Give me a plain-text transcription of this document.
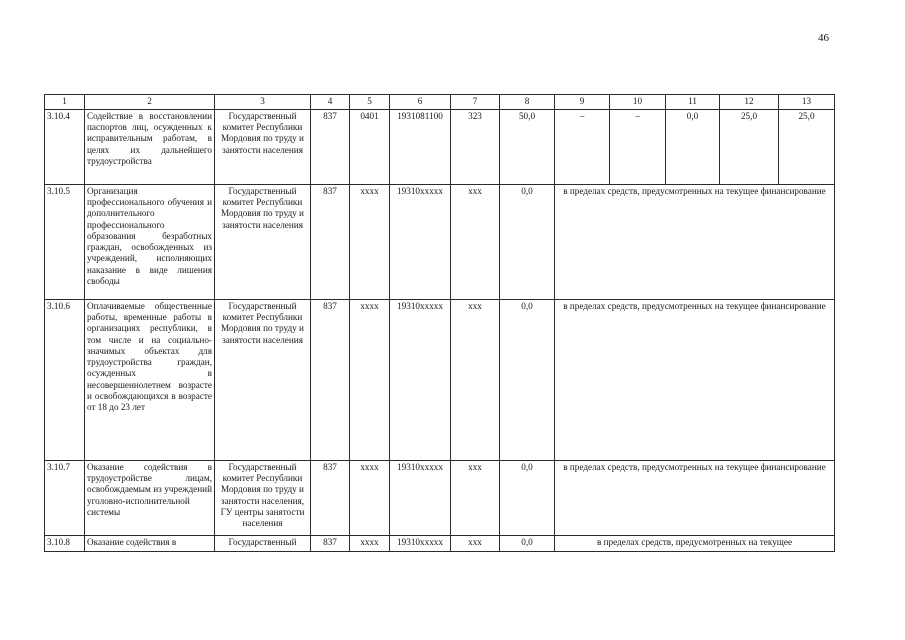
46
1	2	3	4	5	6	7	8	9	10	11	12	13
3.10.4	Содействие в восстановлении паспортов лиц, осужденных к исправительным работам, в целях их дальнейшего трудоустройства	Государственный комитет Республики Мордовия по труду и занятости населения	837	0401	1931081100	323	50,0	–	–	0,0	25,0	25,0
3.10.5	Организация профессионального обучения и дополнительного профессионального образования безработных граждан, освобожденных из учреждений, исполняющих наказание в виде лишения свободы	Государственный комитет Республики Мордовия по труду и занятости населения	837	хххх	19310ххххх	ххх	0,0	в пределах средств, предусмотренных на текущее финансирование				
3.10.6	Оплачиваемые общественные работы, временные работы в организациях республики, в том числе и на социально-значимых объектах для трудоустройства граждан, осужденных в несовершеннолетнем возрасте и освобождающихся в возрасте от 18 до 23 лет	Государственный комитет Республики Мордовия по труду и занятости населения	837	хххх	19310ххххх	ххх	0,0	в пределах средств, предусмотренных на текущее финансирование				
3.10.7	Оказание содействия в трудоустройстве лицам, освобождаемым из учреждений уголовно-исполнительной системы	Государственный комитет Республики Мордовия по труду и занятости населения, ГУ центры занятости населения	837	хххх	19310ххххх	ххх	0,0	в пределах средств, предусмотренных на текущее финансирование				
3.10.8	Оказание содействия в	Государственный	837	хххх	19310ххххх	ххх	0,0	в пределах средств, предусмотренных на текущее				
